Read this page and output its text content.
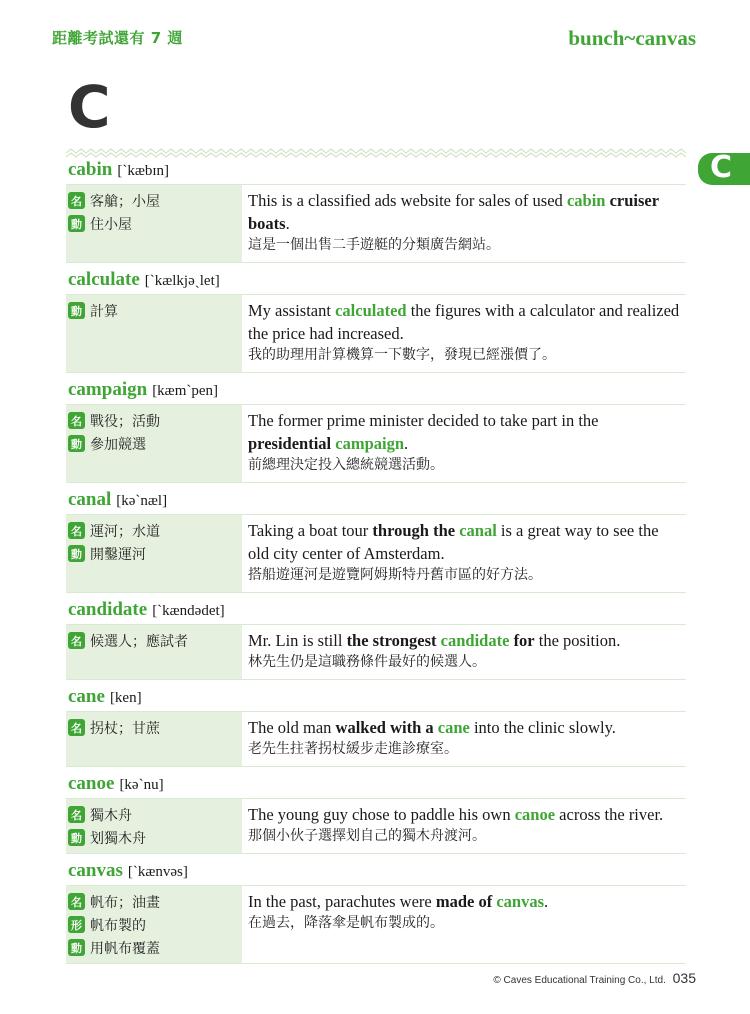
距離考試還有 7 週	bunch~canvas
C
C
cabin [ˋkæbɪn]
名 客艙；小屋
動 住小屋
This is a classified ads website for sales of used cabin cruiser boats.
這是一個出售二手遊艇的分類廣告網站。
calculate [ˋkælkjəˏlet]
動 計算	My assistant calculated the figures with a calculator and realized the price had increased.
我的助理用計算機算一下數字，發現已經漲價了。
campaign [kæmˋpen]
名 戰役；活動
動 參加競選
The former prime minister decided to take part in the presidential campaign.
前總理決定投入總統競選活動。
canal [kəˋnæl]
名 運河；水道
動 開鑿運河
Taking a boat tour through the canal is a great way to see the old city center of Amsterdam.
搭船遊運河是遊覽阿姆斯特丹舊市區的好方法。
candidate [ˋkændədet]
名 候選人；應試者	Mr. Lin is still the strongest candidate for the position.
林先生仍是這職務條件最好的候選人。
cane [ken]
名 拐杖；甘蔗	The old man walked with a cane into the clinic slowly.
老先生拄著拐杖緩步走進診療室。
canoe [kəˋnu]
名 獨木舟
動 划獨木舟
The young guy chose to paddle his own canoe across the river.
那個小伙子選擇划自己的獨木舟渡河。
canvas [ˋkænvəs]
名 帆布；油畫
形 帆布製的
動 用帆布覆蓋
In the past, parachutes were made of canvas.
在過去，降落傘是帆布製成的。
© Caves Educational Training Co., Ltd. 035
